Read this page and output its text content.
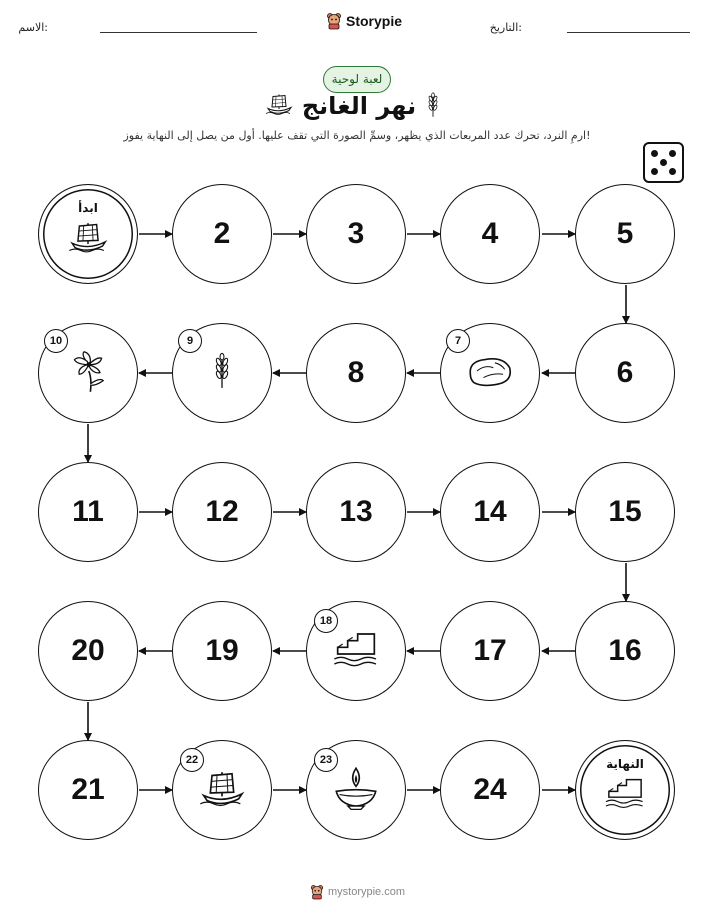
الاسم:	Storypie	التاريخ:
لعبة لوحية
نهر الغانج
ارمِ النرد، تحرك عدد المربعات الذي يظهر، وسمِّ الصورة التي تقف عليها. أول من يصل إلى النهاية يفوز!
ابدأ
2	3	4	5
10	9
8
7
6
11	12	13	14	15
20	19
18
17	16
21
22	23
24
النهاية
mystorypie.com
